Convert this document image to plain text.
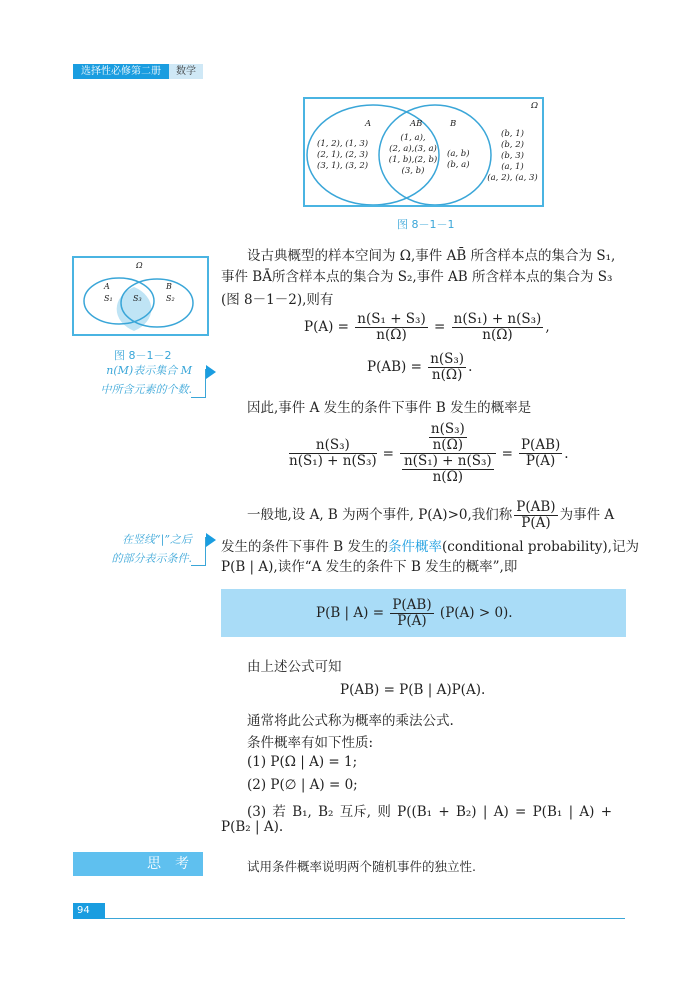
选择性必修第二册	数学
Ω
A	AB	B
(1, 2), (1, 3)
(2, 1), (2, 3)
(3, 1), (3, 2)
(1, a),
(2, a),(3, a)
(1, b),(2, b)
(3, b)
(a, b)
(b, a)
(b, 1)
(b, 2)
(b, 3)
(a, 1)
(a, 2), (a, 3)
图 8－1－1
Ω
A
S₁	S₃
B
S₂
图 8－1－2
n(M)表示集合 M
中所含元素的个数.
在竖线“|”之后
的部分表示条件.
设古典概型的样本空间为 Ω,事件 AB̄ 所含样本点的集合为 S₁,
事件 BĀ所含样本点的集合为 S₂,事件 AB 所含样本点的集合为 S₃
(图 8－1－2),则有
$P(A) = \frac{\text{n(S₁ + S₃)}}{n(\Omega)} = \frac{\text{n(S₁) + n(S₃)}}{n(\Omega)}$ ,
$P(AB) = \frac{\text{n(S₃)}}{n(\Omega)}$ .
因此,事件 A 发生的条件下事件 B 发生的概率是
$\frac{\text{n(S₃)}}{\text{n(S₁) + n(S₃)}} = \frac{\frac{\text{n(S₃)}}{n(\Omega)}}{\frac{\text{n(S₁) + n(S₃)}}{n(\Omega)}} = \frac{P(AB)}{P(A)}$ .
一般地,设 A, B 为两个事件, P(A)>0,我们称 $\frac{P(AB)}{P(A)}$ 为事件 A
发生的条件下事件 B 发生的条件概率(conditional probability),记为
P(B | A),读作“A 发生的条件下 B 发生的概率”,即
P(B | $A) = \frac{P(AB)}{P(A)} (P(A) > 0)$.
由上述公式可知
P(AB) = P(B | A)P(A).
通常将此公式称为概率的乘法公式.
条件概率有如下性质:
(1) P(Ω | A) = 1;
(2) P(∅ | A) = 0;
(3) 若 B₁, B₂ 互斥, 则 P((B₁ + B₂) | A) = P(B₁ | A) +
P(B₂ | A).
思　考	试用条件概率说明两个随机事件的独立性.
94
